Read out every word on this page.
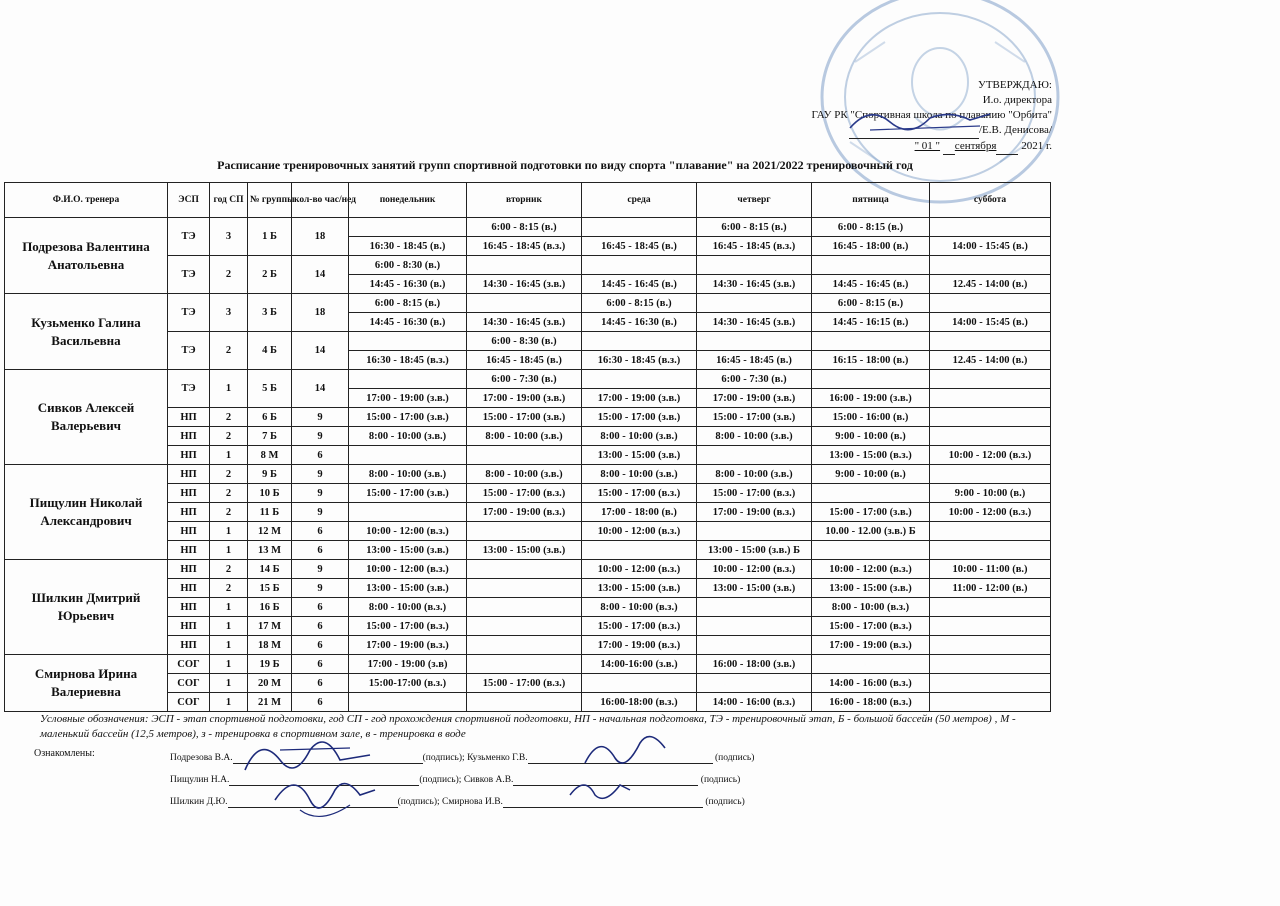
УТВЕРЖДАЮ:
И.о. директора
ГАУ РК "Спортивная школа по плаванию "Орбита"
/Е.В. Денисова/
" 01 " сентября 2021 г.
Расписание тренировочных занятий групп спортивной подготовки по виду спорта "плавание" на 2021/2022 тренировочный год
Ф.И.О. тренера	ЭСП	год СП	№ группы	кол-во час/нед	понедельник	вторник	среда	четверг	пятница	суббота
Подрезова Валентина Анатольевна	ТЭ	3	1 Б	18		6:00 - 8:15 (в.)		6:00 - 8:15 (в.)	6:00 - 8:15 (в.)	
					16:30 - 18:45 (в.)	16:45 - 18:45 (в.з.)	16:45 - 18:45 (в.)	16:45 - 18:45 (в.з.)	16:45 - 18:00 (в.)	14:00 - 15:45 (в.)
	ТЭ	2	2 Б	14	6:00 - 8:30 (в.)					
					14:45 - 16:30 (в.)	14:30 - 16:45 (з.в.)	14:45 - 16:45 (в.)	14:30 - 16:45 (з.в.)	14:45 - 16:45 (в.)	12.45 - 14:00 (в.)
Кузьменко Галина Васильевна	ТЭ	3	3 Б	18	6:00 - 8:15 (в.)		6:00 - 8:15 (в.)		6:00 - 8:15 (в.)	
					14:45 - 16:30 (в.)	14:30 - 16:45 (з.в.)	14:45 - 16:30 (в.)	14:30 - 16:45 (з.в.)	14:45 - 16:15 (в.)	14:00 - 15:45 (в.)
	ТЭ	2	4 Б	14		6:00 - 8:30 (в.)				
					16:30 - 18:45 (в.з.)	16:45 - 18:45 (в.)	16:30 - 18:45 (в.з.)	16:45 - 18:45 (в.)	16:15 - 18:00 (в.)	12.45 - 14:00 (в.)
Сивков Алексей Валерьевич	ТЭ	1	5 Б	14		6:00 - 7:30 (в.)		6:00 - 7:30 (в.)		
					17:00 - 19:00 (з.в.)	17:00 - 19:00 (з.в.)	17:00 - 19:00 (з.в.)	17:00 - 19:00 (з.в.)	16:00 - 19:00 (з.в.)	
	НП	2	6 Б	9	15:00 - 17:00 (з.в.)	15:00 - 17:00 (з.в.)	15:00 - 17:00 (з.в.)	15:00 - 17:00 (з.в.)	15:00 - 16:00 (в.)	
	НП	2	7 Б	9	8:00 - 10:00 (з.в.)	8:00 - 10:00 (з.в.)	8:00 - 10:00 (з.в.)	8:00 - 10:00 (з.в.)	9:00 - 10:00 (в.)	
	НП	1	8 М	6			13:00 - 15:00 (з.в.)		13:00 - 15:00 (в.з.)	10:00 - 12:00 (в.з.)
Пищулин Николай Александрович	НП	2	9 Б	9	8:00 - 10:00 (з.в.)	8:00 - 10:00 (з.в.)	8:00 - 10:00 (з.в.)	8:00 - 10:00 (з.в.)	9:00 - 10:00 (в.)	
	НП	2	10 Б	9	15:00 - 17:00 (з.в.)	15:00 - 17:00 (в.з.)	15:00 - 17:00 (в.з.)	15:00 - 17:00 (в.з.)		9:00 - 10:00 (в.)
	НП	2	11 Б	9		17:00 - 19:00 (в.з.)	17:00 - 18:00 (в.)	17:00 - 19:00 (в.з.)	15:00 - 17:00 (з.в.)	10:00 - 12:00 (в.з.)
	НП	1	12 М	6	10:00 - 12:00 (в.з.)		10:00 - 12:00 (в.з.)		10.00 - 12.00 (з.в.) Б	
	НП	1	13 М	6	13:00 - 15:00 (з.в.)	13:00 - 15:00 (з.в.)		13:00 - 15:00 (з.в.) Б		
Шилкин Дмитрий Юрьевич	НП	2	14 Б	9	10:00 - 12:00 (в.з.)		10:00 - 12:00 (в.з.)	10:00 - 12:00 (в.з.)	10:00 - 12:00 (в.з.)	10:00 - 11:00 (в.)
	НП	2	15 Б	9	13:00 - 15:00 (з.в.)		13:00 - 15:00 (з.в.)	13:00 - 15:00 (з.в.)	13:00 - 15:00 (з.в.)	11:00 - 12:00 (в.)
	НП	1	16 Б	6	8:00 - 10:00 (в.з.)		8:00 - 10:00 (в.з.)		8:00 - 10:00 (в.з.)	
	НП	1	17 М	6	15:00 - 17:00 (в.з.)		15:00 - 17:00 (в.з.)		15:00 - 17:00 (в.з.)	
	НП	1	18 М	6	17:00 - 19:00 (в.з.)		17:00 - 19:00 (в.з.)		17:00 - 19:00 (в.з.)	
Смирнова Ирина Валериевна	СОГ	1	19 Б	6	17:00 - 19:00 (з.в)		14:00-16:00 (з.в.)	16:00 - 18:00 (з.в.)		
	СОГ	1	20 М	6	15:00-17:00 (в.з.)	15:00 - 17:00 (в.з.)			14:00 - 16:00 (в.з.)	
	СОГ	1	21 М	6			16:00-18:00 (в.з.)	14:00 - 16:00 (в.з.)	16:00 - 18:00 (в.з.)	
Условные обозначения: ЭСП - этап спортивной подготовки, год СП - год прохождения спортивной подготовки, НП - начальная подготовка, ТЭ - тренировочный этап, Б - большой бассейн (50 метров) , М - маленький бассейн (12,5 метров), з - тренировка в спортивном зале, в - тренировка в воде
Ознакомлены:	Подрезова В.А.	(подпись); Кузьменко Г.В.	(подпись)
Пищулин Н.А.	(подпись); Сивков А.В.	(подпись)
Шилкин Д.Ю.	(подпись); Смирнова И.В.	(подпись)
